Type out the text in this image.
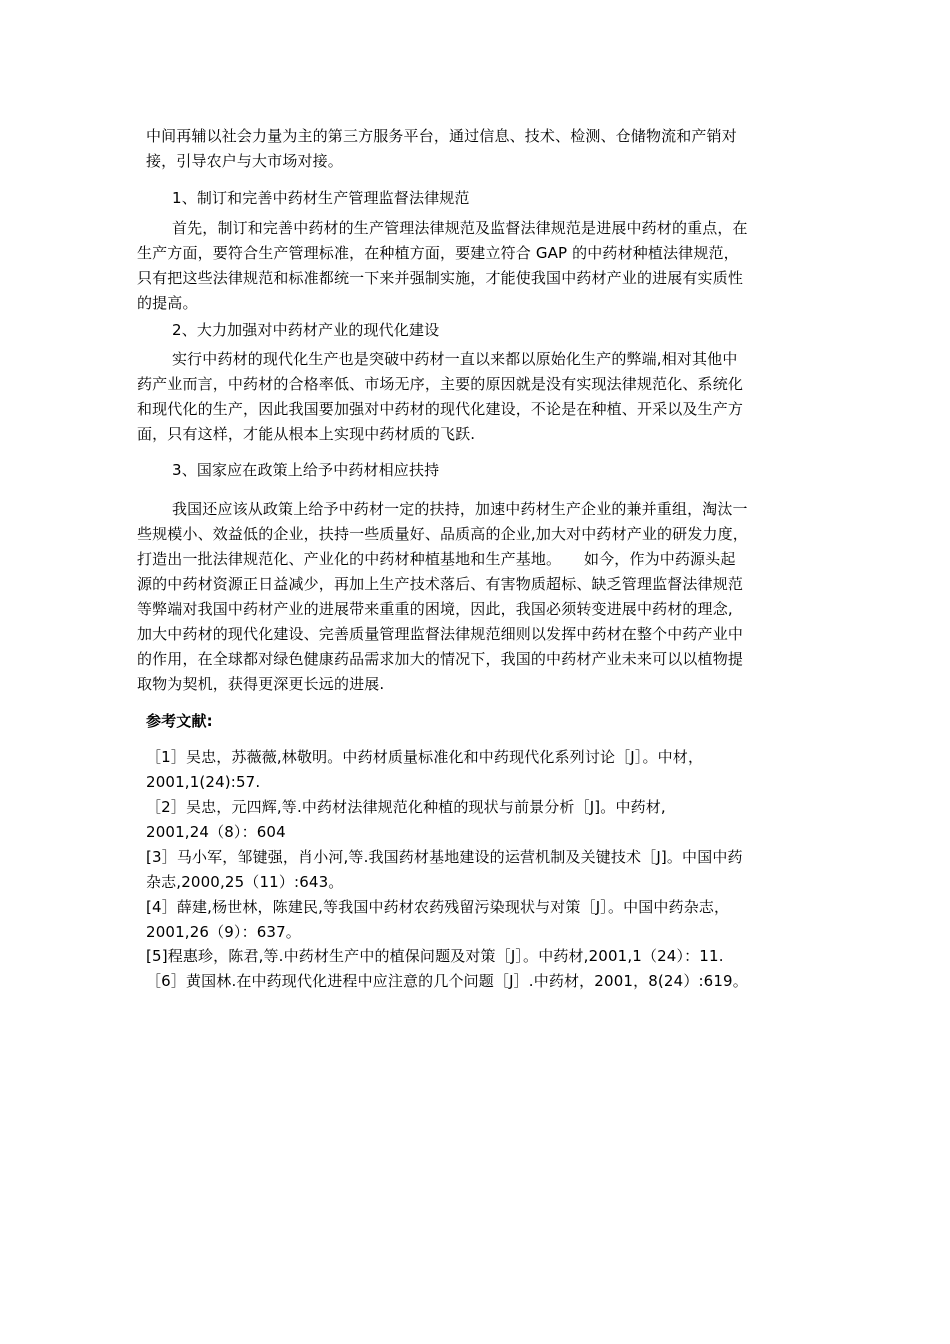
中间再辅以社会力量为主的第三方服务平台，通过信息、技术、检测、仓储物流和产销对
接，引导农户与大市场对接。
1、制订和完善中药材生产管理监督法律规范
首先，制订和完善中药材的生产管理法律规范及监督法律规范是进展中药材的重点，在
生产方面，要符合生产管理标准，在种植方面，要建立符合 GAP 的中药材种植法律规范，
只有把这些法律规范和标准都统一下来并强制实施，才能使我国中药材产业的进展有实质性
的提高。
2、大力加强对中药材产业的现代化建设
实行中药材的现代化生产也是突破中药材一直以来都以原始化生产的弊端,相对其他中
药产业而言，中药材的合格率低、市场无序，主要的原因就是没有实现法律规范化、系统化
和现代化的生产，因此我国要加强对中药材的现代化建设，不论是在种植、开采以及生产方
面，只有这样，才能从根本上实现中药材质的飞跃.
3、国家应在政策上给予中药材相应扶持
我国还应该从政策上给予中药材一定的扶持，加速中药材生产企业的兼并重组，淘汰一
些规模小、效益低的企业，扶持一些质量好、品质高的企业,加大对中药材产业的研发力度，
打造出一批法律规范化、产业化的中药材种植基地和生产基地。　　如今，作为中药源头起
源的中药材资源正日益减少，再加上生产技术落后、有害物质超标、缺乏管理监督法律规范
等弊端对我国中药材产业的进展带来重重的困境，因此，我国必须转变进展中药材的理念,
加大中药材的现代化建设、完善质量管理监督法律规范细则以发挥中药材在整个中药产业中
的作用，在全球都对绿色健康药品需求加大的情况下，我国的中药材产业未来可以以植物提
取物为契机，获得更深更长远的进展.
参考文献:
［1］吴忠，苏薇薇,林敬明。中药材质量标准化和中药现代化系列讨论［J］。中材，
2001,1(24):57.
［2］吴忠，元四辉,等.中药材法律规范化种植的现状与前景分析［J]。中药材,
2001,24（8）：604
[3］马小军，邹键强，肖小河,等.我国药材基地建设的运营机制及关键技术［J]。中国中药
杂志,2000,25（11）:643。
[4］薛建,杨世林，陈建民,等我国中药材农药残留污染现状与对策［J］。中国中药杂志，
2001,26（9）：637。
[5]程惠珍，陈君,等.中药材生产中的植保问题及对策［J］。中药材,2001,1（24）：11.
［6］黄国林.在中药现代化进程中应注意的几个问题［J］.中药材，2001，8(24）:619。
